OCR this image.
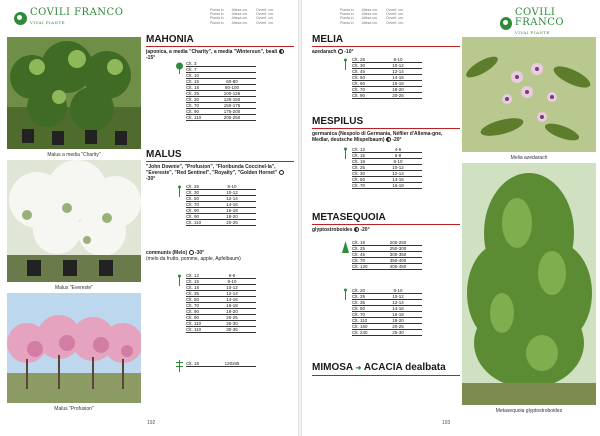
COVILI FRANCO
VIVAI PIANTE
Pianta in
Pianta in
Pianta in
Pianta in
Alteza cm.
Alteza cm.
Alteza cm.
Alteza cm.
Ovverf. cm.
Ovverf. cm.
Ovverf. cm.
Ovverf. cm.
Malus a media "Charity"
Malus "Evereste"
Malus "Profusion"
MAHONIA
japonica, a media "Charity", a media "Wintersun", beali  -15°
Clt. 3
Clt. 7
Clt. 10
Clt. 15	60-80
Clt. 18	80-100
Clt. 25	100-125
Clt. 30	125-150
Clt. 70	150-175
Clt. 90	175-200
Clt. 110	200-250
MALUS
"John Downie", "Profusion", "Floribunda Coccinel-la", "Evereste", "Red Sentinel", "Royalty", "Golden Hornet"  -30°
Clt. 25	8-10
Clt. 30	10-12
Clt. 50	12-14
Clt. 70	14-16
Clt. 90	16-18
Clt. 90	18-20
Clt. 110	20-25
communis (Melo) -30°
(melo da frutto, pomme, apple, Apfelbaum)
Clt. 12	6-8
Clt. 15	8-10
Clt. 18	10-12
Clt. 35	12-14
Clt. 50	14-16
Clt. 70	16-18
Clt. 90	18-20
Clt. 90	20-25
Clt. 110	25-30
Clt. 110	30-35
Clt. 18	120x85
192
Pianta in
Pianta in
Pianta in
Pianta in
Alteza cm.
Alteza cm.
Alteza cm.
Alteza cm.
Ovverf. cm.
Ovverf. cm.
Ovverf. cm.
Ovverf. cm.
COVILI FRANCO
VIVAI PIANTE
MELIA
azedarach -10°
Clt. 25	8-10
Clt. 30	10-12
Clt. 45	12-14
Clt. 50	14-16
Clt. 60	16-18
Clt. 70	18-20
Clt. 90	20-25
MESPILUS
germanica (Nespolo di Germania, Néflier d'Allema-gne, Medlar, deutsche Mispelbaum) -20°
Clt. 12	4-6
Clt. 15	6-8
Clt. 18	8-10
Clt. 25	10-12
Clt. 30	12-14
Clt. 50	14-16
Clt. 70	16-18
METASEQUOIA
glyptostroboides -20°
Clt. 18	200-250
Clt. 25	250-300
Clt. 45	300-350
Clt. 70	350-400
Clt. 120	400-450
Clt. 20	8-10
Clt. 25	10-12
Clt. 35	12-14
Clt. 50	14-16
Clt. 70	16-18
Clt. 110	18-20
Clt. 160	20-25
Clt. 240	25-30
MIMOSA ➜ ACACIA dealbata
Melia azedarach
Metasequoia glyptostroboides
193
